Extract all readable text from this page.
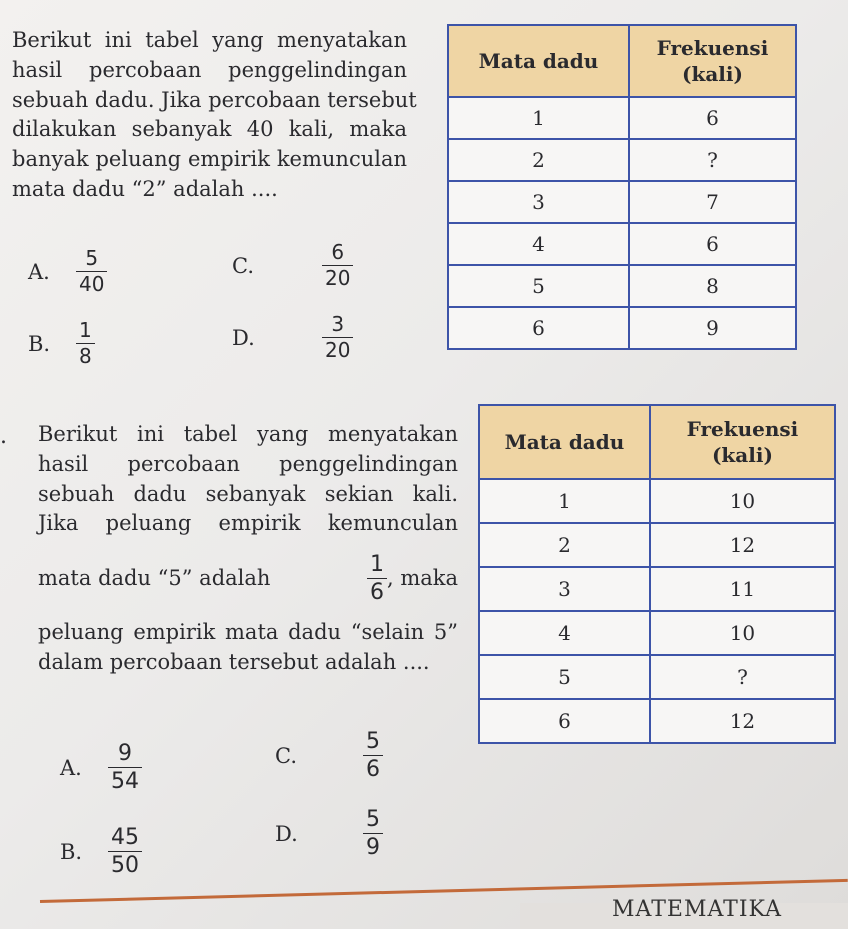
Berikut ini tabel yang menyatakan
hasil percobaan penggelindingan
sebuah dadu. Jika percobaan tersebut
dilakukan sebanyak 40 kali, maka
banyak peluang empirik kemunculan
mata dadu “2” adalah ....
A.	$\frac{5}{40}$
B.	$\frac{1}{8}$
C.	$\frac{6}{20}$
D.	$\frac{3}{20}$
Mata dadu	Frekuensi
(kali)
1	6
2	?
3	7
4	6
5	8
6	9
. Berikut ini tabel yang menyatakan
hasil percobaan penggelindingan
sebuah dadu sebanyak sekian kali.
Jika peluang empirik kemunculan
mata dadu “5” adalah	$\frac{1}{6}$ , maka
peluang empirik mata dadu “selain 5”
dalam percobaan tersebut adalah ....
A.	$\frac{9}{54}$
B.	$\frac{45}{50}$
C.	$\frac{5}{6}$
D.	$\frac{5}{9}$
Mata dadu	Frekuensi
(kali)
1	10
2	12
3	11
4	10
5	?
6	12
MATEMATIKA
